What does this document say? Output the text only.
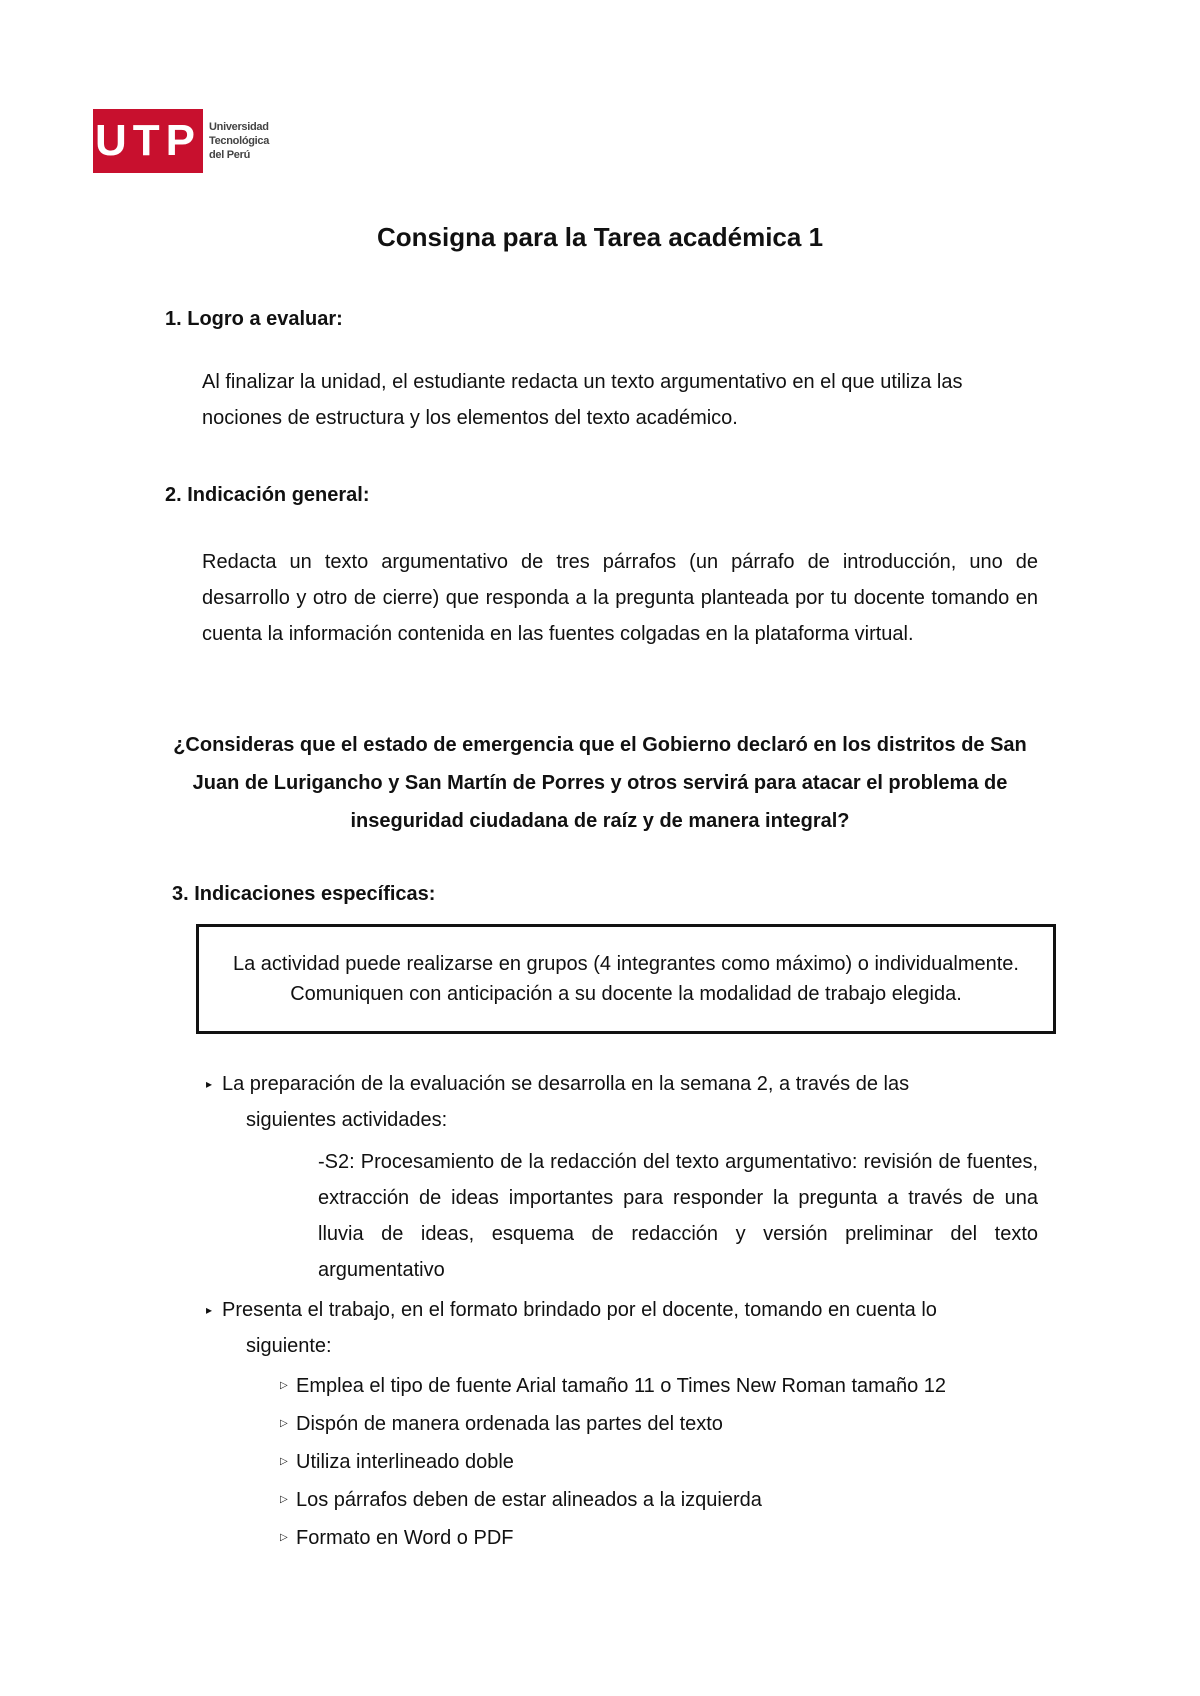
UTP Universidad
Tecnológica
del Perú
Consigna para la Tarea académica 1
1. Logro a evaluar:
Al finalizar la unidad, el estudiante redacta un texto argumentativo en el que utiliza las nociones de estructura y los elementos del texto académico.
2. Indicación general:
Redacta un texto argumentativo de tres párrafos (un párrafo de introducción, uno de desarrollo y otro de cierre) que responda a la pregunta planteada por tu docente tomando en cuenta la información contenida en las fuentes colgadas en la plataforma virtual.
¿Consideras que el estado de emergencia que el Gobierno declaró en los distritos de San Juan de Lurigancho y San Martín de Porres y otros servirá para atacar el problema de inseguridad ciudadana de raíz y de manera integral?
3. Indicaciones específicas:
La actividad puede realizarse en grupos (4 integrantes como máximo) o individualmente. Comuniquen con anticipación a su docente la modalidad de trabajo elegida.
▸ La preparación de la evaluación se desarrolla en la semana 2, a través de las
siguientes actividades:
-S2: Procesamiento de la redacción del texto argumentativo: revisión de fuentes, extracción de ideas importantes para responder la pregunta a través de una lluvia de ideas, esquema de redacción y versión preliminar del texto argumentativo
▸ Presenta el trabajo, en el formato brindado por el docente, tomando en cuenta lo
siguiente:
▷ Emplea el tipo de fuente Arial tamaño 11 o Times New Roman tamaño 12
▷ Dispón de manera ordenada las partes del texto
▷ Utiliza interlineado doble
▷ Los párrafos deben de estar alineados a la izquierda
▷ Formato en Word o PDF
